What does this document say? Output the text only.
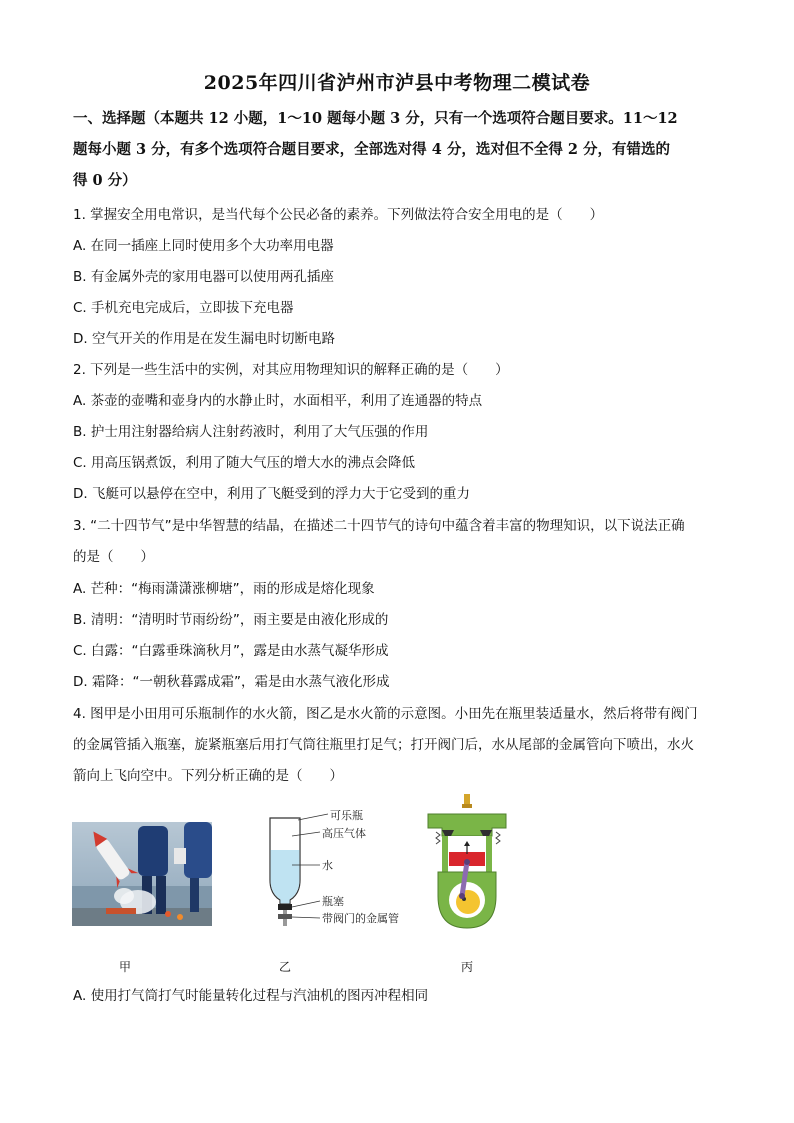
2025年四川省泸州市泸县中考物理二模试卷
一、选择题（本题共 12 小题，1～10 题每小题 3 分，只有一个选项符合题目要求。11～12
题每小题 3 分，有多个选项符合题目要求，全部选对得 4 分，选对但不全得 2 分，有错选的
得 0 分）
1. 掌握安全用电常识，是当代每个公民必备的素养。下列做法符合安全用电的是（　　）
A. 在同一插座上同时使用多个大功率用电器
B. 有金属外壳的家用电器可以使用两孔插座
C. 手机充电完成后，立即拔下充电器
D. 空气开关的作用是在发生漏电时切断电路
2. 下列是一些生活中的实例，对其应用物理知识的解释正确的是（　　）
A. 茶壶的壶嘴和壶身内的水静止时，水面相平，利用了连通器的特点
B. 护士用注射器给病人注射药液时，利用了大气压强的作用
C. 用高压锅煮饭，利用了随大气压的增大水的沸点会降低
D. 飞艇可以悬停在空中，利用了飞艇受到的浮力大于它受到的重力
3. “二十四节气”是中华智慧的结晶，在描述二十四节气的诗句中蕴含着丰富的物理知识，以下说法正确
的是（　　）
A. 芒种：“梅雨潇潇涨柳塘”，雨的形成是熔化现象
B. 清明：“清明时节雨纷纷”，雨主要是由液化形成的
C. 白露：“白露垂珠滴秋月”，露是由水蒸气凝华形成
D. 霜降：“一朝秋暮露成霜”，霜是由水蒸气液化形成
4. 图甲是小田用可乐瓶制作的水火箭，图乙是水火箭的示意图。小田先在瓶里装适量水，然后将带有阀门
的金属管插入瓶塞，旋紧瓶塞后用打气筒往瓶里打足气；打开阀门后，水从尾部的金属管向下喷出，水火
箭向上飞向空中。下列分析正确的是（　　）
可乐瓶
高压气体
水
瓶塞
带阀门的金属管
甲	乙	丙
A. 使用打气筒打气时能量转化过程与汽油机的图丙冲程相同
